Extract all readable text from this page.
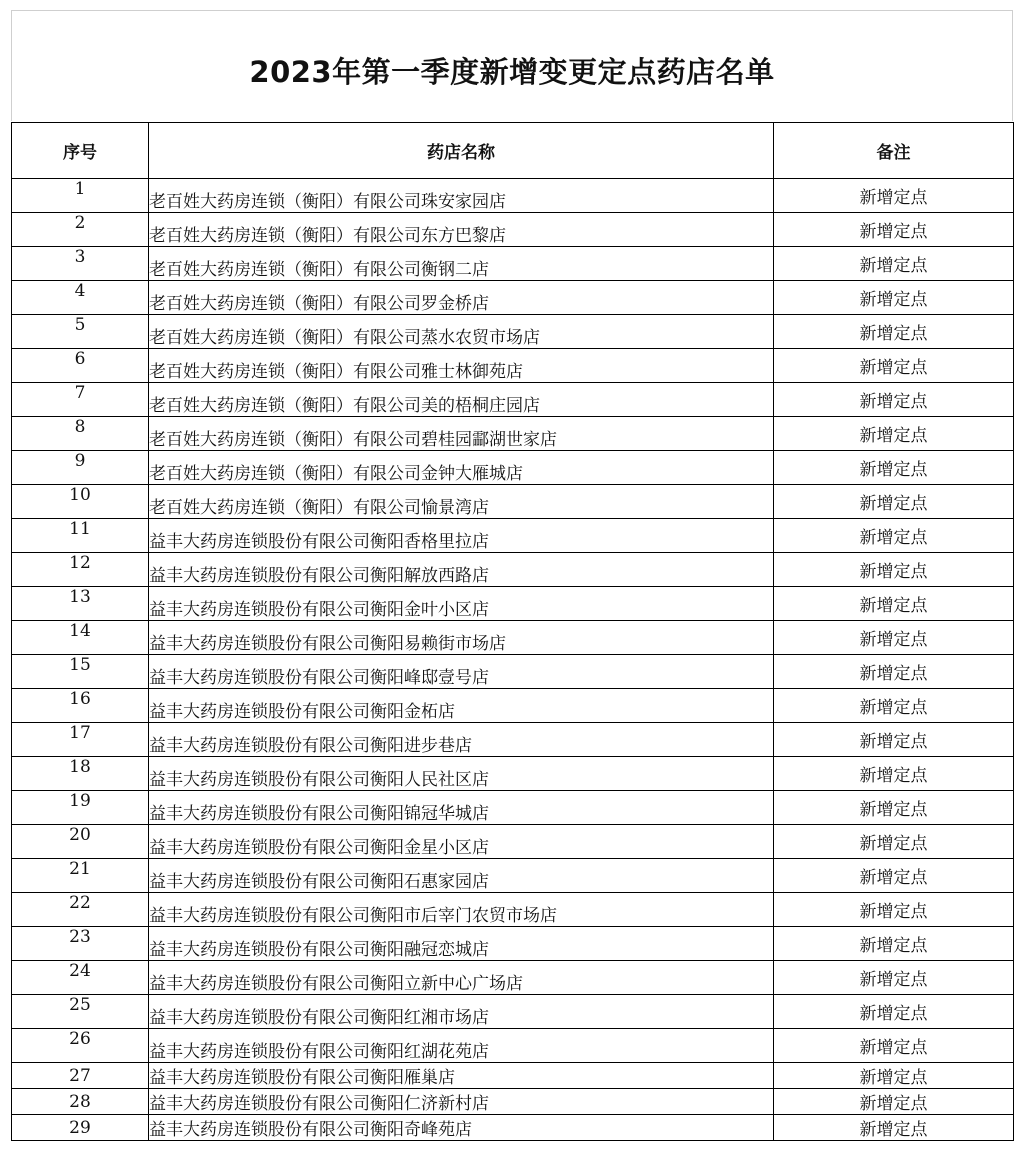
2023年第一季度新增变更定点药店名单
序号	药店名称	备注
1	老百姓大药房连锁（衡阳）有限公司珠安家园店	新增定点
2	老百姓大药房连锁（衡阳）有限公司东方巴黎店	新增定点
3	老百姓大药房连锁（衡阳）有限公司衡钢二店	新增定点
4	老百姓大药房连锁（衡阳）有限公司罗金桥店	新增定点
5	老百姓大药房连锁（衡阳）有限公司蒸水农贸市场店	新增定点
6	老百姓大药房连锁（衡阳）有限公司雅士林御苑店	新增定点
7	老百姓大药房连锁（衡阳）有限公司美的梧桐庄园店	新增定点
8	老百姓大药房连锁（衡阳）有限公司碧桂园酃湖世家店	新增定点
9	老百姓大药房连锁（衡阳）有限公司金钟大雁城店	新增定点
10	老百姓大药房连锁（衡阳）有限公司愉景湾店	新增定点
11	益丰大药房连锁股份有限公司衡阳香格里拉店	新增定点
12	益丰大药房连锁股份有限公司衡阳解放西路店	新增定点
13	益丰大药房连锁股份有限公司衡阳金叶小区店	新增定点
14	益丰大药房连锁股份有限公司衡阳易赖街市场店	新增定点
15	益丰大药房连锁股份有限公司衡阳峰邸壹号店	新增定点
16	益丰大药房连锁股份有限公司衡阳金柘店	新增定点
17	益丰大药房连锁股份有限公司衡阳进步巷店	新增定点
18	益丰大药房连锁股份有限公司衡阳人民社区店	新增定点
19	益丰大药房连锁股份有限公司衡阳锦冠华城店	新增定点
20	益丰大药房连锁股份有限公司衡阳金星小区店	新增定点
21	益丰大药房连锁股份有限公司衡阳石惠家园店	新增定点
22	益丰大药房连锁股份有限公司衡阳市后宰门农贸市场店	新增定点
23	益丰大药房连锁股份有限公司衡阳融冠恋城店	新增定点
24	益丰大药房连锁股份有限公司衡阳立新中心广场店	新增定点
25	益丰大药房连锁股份有限公司衡阳红湘市场店	新增定点
26	益丰大药房连锁股份有限公司衡阳红湖花苑店	新增定点
27	益丰大药房连锁股份有限公司衡阳雁巢店	新增定点
28	益丰大药房连锁股份有限公司衡阳仁济新村店	新增定点
29	益丰大药房连锁股份有限公司衡阳奇峰苑店	新增定点
